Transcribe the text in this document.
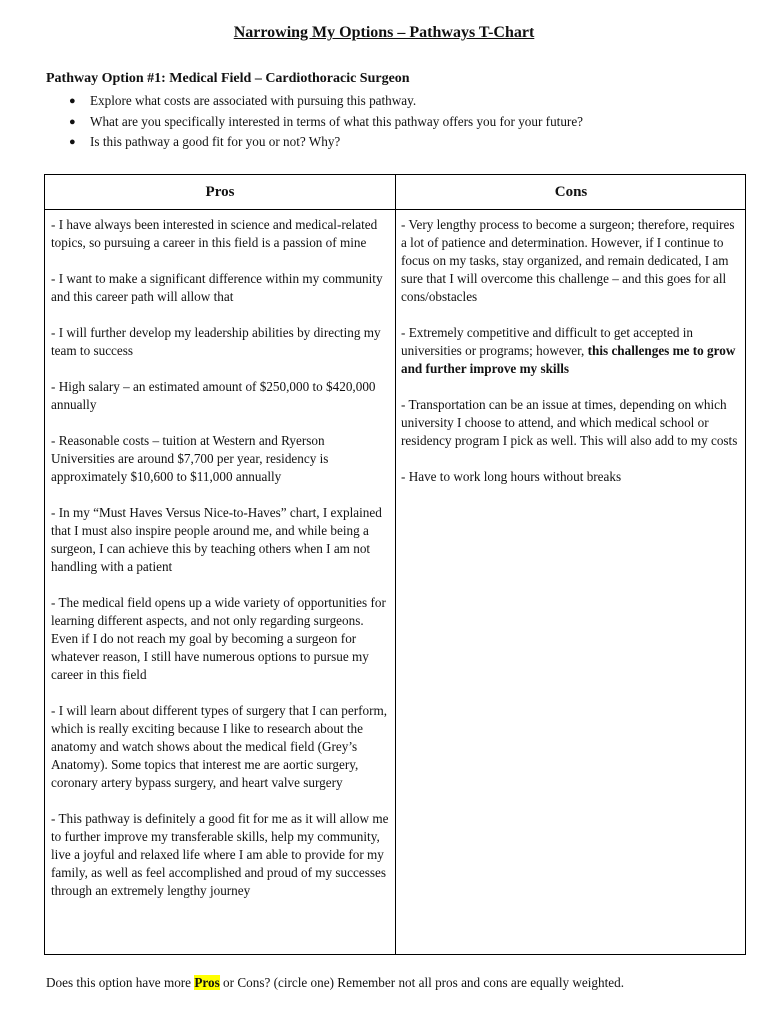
Narrowing My Options – Pathways T-Chart
Pathway Option #1: Medical Field – Cardiothoracic Surgeon
● Explore what costs are associated with pursuing this pathway.
● What are you specifically interested in terms of what this pathway offers you for your future?
● Is this pathway a good fit for you or not? Why?
Pros	Cons

- I have always been interested in science and medical-related topics, so pursuing a career in this field is a passion of mine

- I want to make a significant difference within my community and this career path will allow that

- I will further develop my leadership abilities by directing my team to success

- High salary – an estimated amount of $250,000 to $420,000 annually

- Reasonable costs – tuition at Western and Ryerson Universities are around $7,700 per year, residency is approximately $10,600 to $11,000 annually

- In my “Must Haves Versus Nice-to-Haves” chart, I explained that I must also inspire people around me, and while being a surgeon, I can achieve this by teaching others when I am not handling with a patient

- The medical field opens up a wide variety of opportunities for learning different aspects, and not only regarding surgeons. Even if I do not reach my goal by becoming a surgeon for whatever reason, I still have numerous options to pursue my career in this field

- I will learn about different types of surgery that I can perform, which is really exciting because I like to research about the anatomy and watch shows about the medical field (Grey’s Anatomy). Some topics that interest me are aortic surgery, coronary artery bypass surgery, and heart valve surgery

- This pathway is definitely a good fit for me as it will allow me to further improve my transferable skills, help my community, live a joyful and relaxed life where I am able to provide for my family, as well as feel accomplished and proud of my successes through an extremely lengthy journey

- Very lengthy process to become a surgeon; therefore, requires a lot of patience and determination. However, if I continue to focus on my tasks, stay organized, and remain dedicated, I am sure that I will overcome this challenge – and this goes for all cons/obstacles

- Extremely competitive and difficult to get accepted in universities or programs; however, this challenges me to grow and further improve my skills

- Transportation can be an issue at times, depending on which university I choose to attend, and which medical school or residency program I pick as well. This will also add to my costs

- Have to work long hours without breaks

Does this option have more Pros or Cons? (circle one) Remember not all pros and cons are equally weighted.
